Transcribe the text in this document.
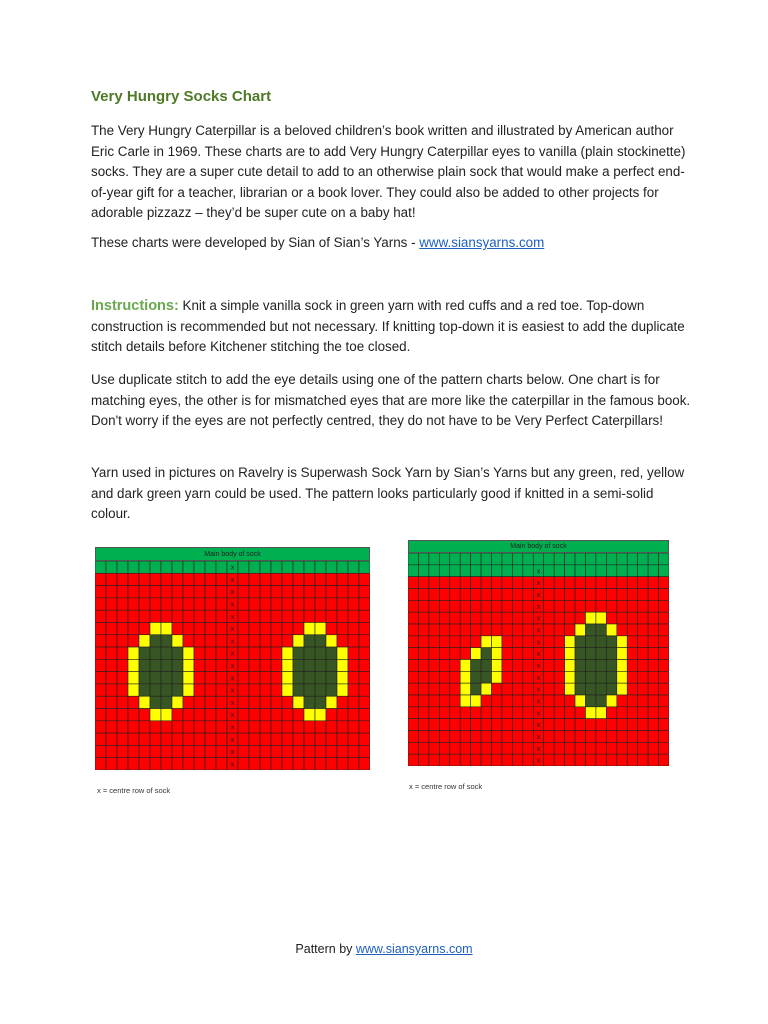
Very Hungry Socks Chart
The Very Hungry Caterpillar is a beloved children’s book written and illustrated by American author Eric Carle in 1969. These charts are to add Very Hungry Caterpillar eyes to vanilla (plain stockinette) socks. They are a super cute detail to add to an otherwise plain sock that would make a perfect end-of-year gift for a teacher, librarian or a book lover. They could also be added to other projects for adorable pizzazz – they’d be super cute on a baby hat!
These charts were developed by Sian of Sian’s Yarns - www.siansyarns.com
Instructions: Knit a simple vanilla sock in green yarn with red cuffs and a red toe. Top-down construction is recommended but not necessary. If knitting top-down it is easiest to add the duplicate stitch details before Kitchener stitching the toe closed.
Use duplicate stitch to add the eye details using one of the pattern charts below. One chart is for matching eyes, the other is for mismatched eyes that are more like the caterpillar in the famous book. Don't worry if the eyes are not perfectly centred, they do not have to be Very Perfect Caterpillars!
Yarn used in pictures on Ravelry is Superwash Sock Yarn by Sian’s Yarns but any green, red, yellow and dark green yarn could be used. The pattern looks particularly good if knitted in a semi-solid colour.
Main body of sock
x
x
x
x
x
x
x
x
x
x
x
x
x
x
x
x
x
x = centre row of sock
Main body of sock
x
x
x
x
x
x
x
x
x
x
x
x
x
x
x
x
x
x = centre row of sock
Pattern by www.siansyarns.com
